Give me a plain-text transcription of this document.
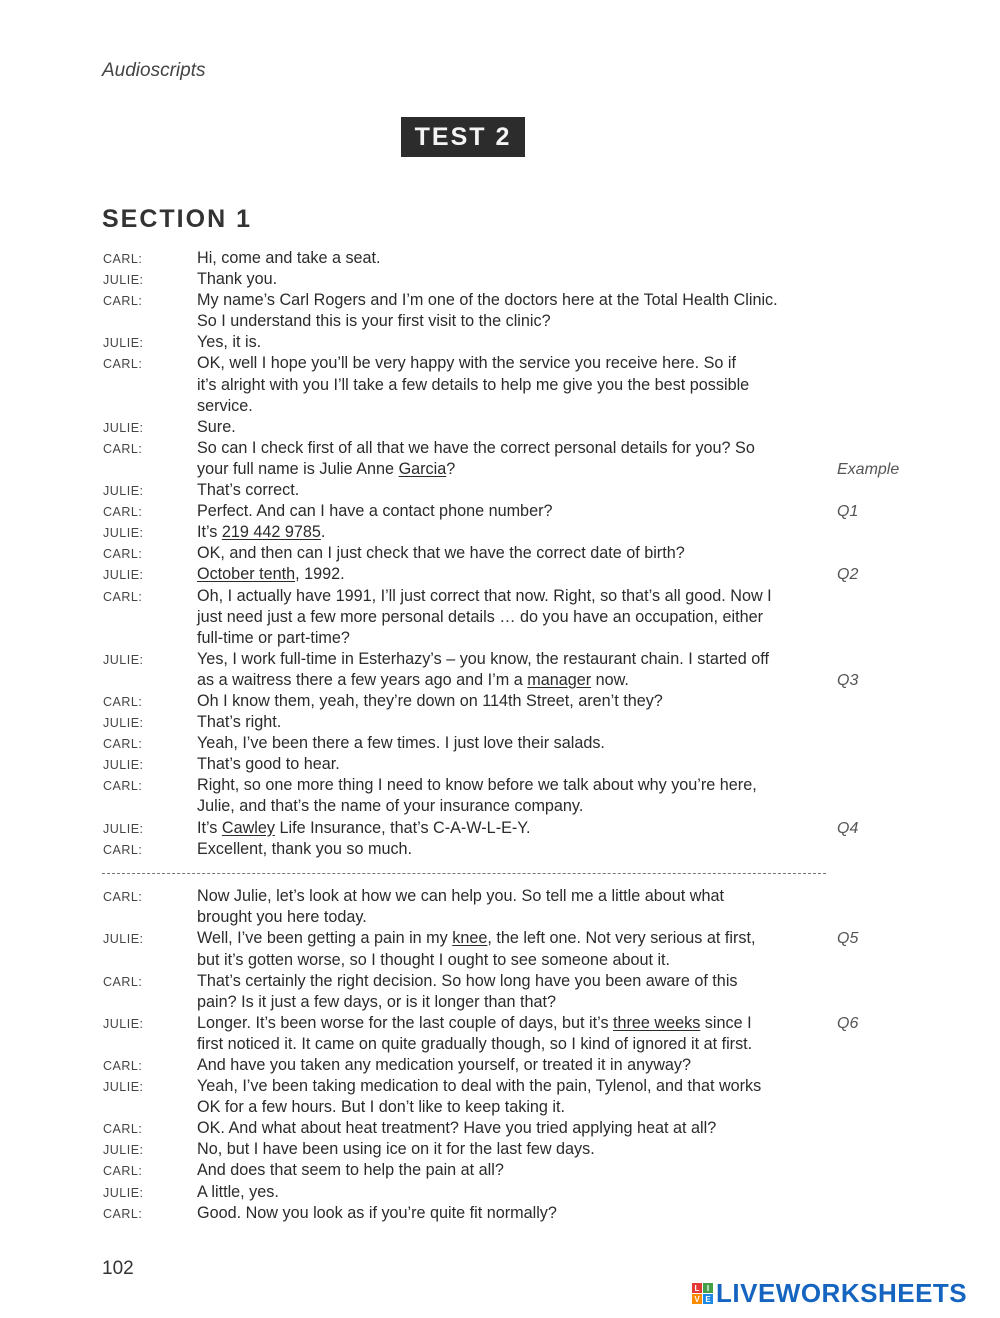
Audioscripts
TEST 2
SECTION 1
CARL:	Hi, come and take a seat.
JULIE:	Thank you.
CARL:	My name’s Carl Rogers and I’m one of the doctors here at the Total Health Clinic.
So I understand this is your first visit to the clinic?
JULIE:	Yes, it is.
CARL:	OK, well I hope you’ll be very happy with the service you receive here. So if
it’s alright with you I’ll take a few details to help me give you the best possible
service.
JULIE:	Sure.
CARL:	So can I check first of all that we have the correct personal details for you? So
your full name is Julie Anne Garcia?	Example
JULIE:	That’s correct.
CARL:	Perfect. And can I have a contact phone number?	Q1
JULIE:	It’s 219 442 9785.
CARL:	OK, and then can I just check that we have the correct date of birth?
JULIE:	October tenth, 1992.	Q2
CARL:	Oh, I actually have 1991, I’ll just correct that now. Right, so that’s all good. Now I
just need just a few more personal details … do you have an occupation, either
full-time or part-time?
JULIE:	Yes, I work full-time in Esterhazy’s – you know, the restaurant chain. I started off
as a waitress there a few years ago and I’m a manager now.	Q3
CARL:	Oh I know them, yeah, they’re down on 114th Street, aren’t they?
JULIE:	That’s right.
CARL:	Yeah, I’ve been there a few times. I just love their salads.
JULIE:	That’s good to hear.
CARL:	Right, so one more thing I need to know before we talk about why you’re here,
Julie, and that’s the name of your insurance company.
JULIE:	It’s Cawley Life Insurance, that’s C-A-W-L-E-Y.	Q4
CARL:	Excellent, thank you so much.
CARL:	Now Julie, let’s look at how we can help you. So tell me a little about what
brought you here today.
JULIE:	Well, I’ve been getting a pain in my knee, the left one. Not very serious at first,	Q5
but it’s gotten worse, so I thought I ought to see someone about it.
CARL:	That’s certainly the right decision. So how long have you been aware of this
pain? Is it just a few days, or is it longer than that?
JULIE:	Longer. It’s been worse for the last couple of days, but it’s three weeks since I	Q6
first noticed it. It came on quite gradually though, so I kind of ignored it at first.
CARL:	And have you taken any medication yourself, or treated it in anyway?
JULIE:	Yeah, I’ve been taking medication to deal with the pain, Tylenol, and that works
OK for a few hours. But I don’t like to keep taking it.
CARL:	OK. And what about heat treatment? Have you tried applying heat at all?
JULIE:	No, but I have been using ice on it for the last few days.
CARL:	And does that seem to help the pain at all?
JULIE:	A little, yes.
CARL:	Good. Now you look as if you’re quite fit normally?
102
L I
V E LIVEWORKSHEETS
